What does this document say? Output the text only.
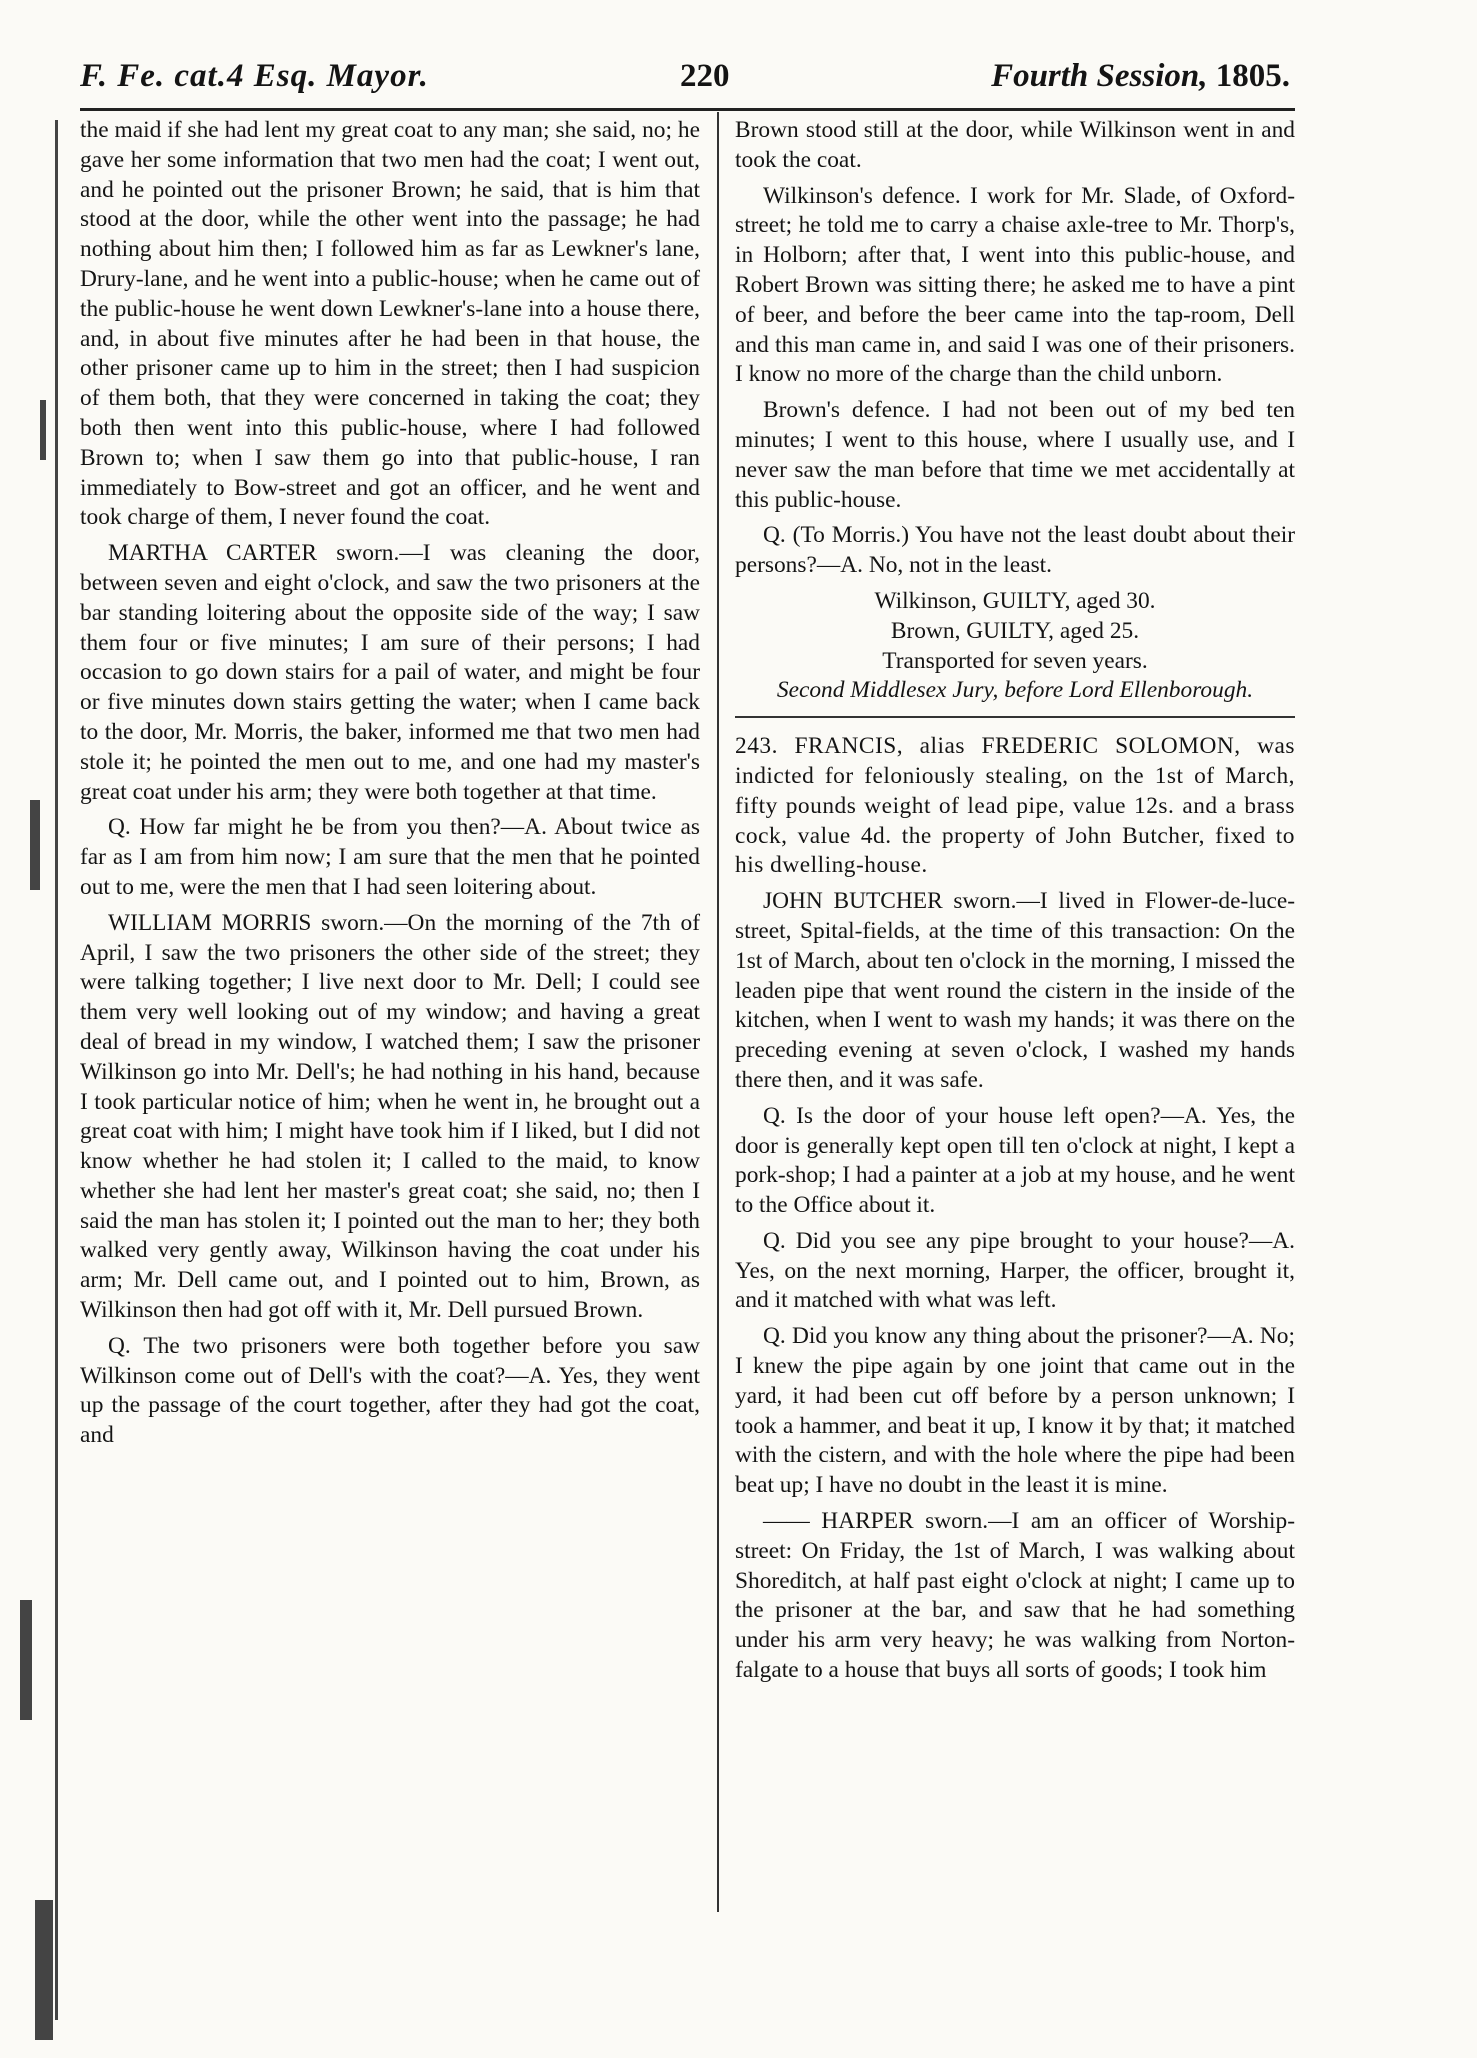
F. Fe. cat.4 Esq. Mayor.	220	Fourth Session, 1805.

the maid if she had lent my great coat to any man; she said, no; he gave her some information that two men had the coat; I went out, and he pointed out the prisoner Brown; he said, that is him that stood at the door, while the other went into the passage; he had nothing about him then; I followed him as far as Lewkner's lane, Drury-lane, and he went into a public-house; when he came out of the public-house he went down Lewkner's-lane into a house there, and, in about five minutes after he had been in that house, the other prisoner came up to him in the street; then I had suspicion of them both, that they were concerned in taking the coat; they both then went into this public-house, where I had followed Brown to; when I saw them go into that public-house, I ran immediately to Bow-street and got an officer, and he went and took charge of them, I never found the coat.

MARTHA CARTER sworn.—I was cleaning the door, between seven and eight o'clock, and saw the two prisoners at the bar standing loitering about the opposite side of the way; I saw them four or five minutes; I am sure of their persons; I had occasion to go down stairs for a pail of water, and might be four or five minutes down stairs getting the water; when I came back to the door, Mr. Morris, the baker, informed me that two men had stole it; he pointed the men out to me, and one had my master's great coat under his arm; they were both together at that time.

Q. How far might he be from you then?—A. About twice as far as I am from him now; I am sure that the men that he pointed out to me, were the men that I had seen loitering about.

WILLIAM MORRIS sworn.—On the morning of the 7th of April, I saw the two prisoners the other side of the street; they were talking together; I live next door to Mr. Dell; I could see them very well looking out of my window; and having a great deal of bread in my window, I watched them; I saw the prisoner Wilkinson go into Mr. Dell's; he had nothing in his hand, because I took particular notice of him; when he went in, he brought out a great coat with him; I might have took him if I liked, but I did not know whether he had stolen it; I called to the maid, to know whether she had lent her master's great coat; she said, no; then I said the man has stolen it; I pointed out the man to her; they both walked very gently away, Wilkinson having the coat under his arm; Mr. Dell came out, and I pointed out to him, Brown, as Wilkinson then had got off with it, Mr. Dell pursued Brown.

Q. The two prisoners were both together before you saw Wilkinson come out of Dell's with the coat?—A. Yes, they went up the passage of the court together, after they had got the coat, and

Brown stood still at the door, while Wilkinson went in and took the coat.

Wilkinson's defence. I work for Mr. Slade, of Oxford-street; he told me to carry a chaise axle-tree to Mr. Thorp's, in Holborn; after that, I went into this public-house, and Robert Brown was sitting there; he asked me to have a pint of beer, and before the beer came into the tap-room, Dell and this man came in, and said I was one of their prisoners. I know no more of the charge than the child unborn.

Brown's defence. I had not been out of my bed ten minutes; I went to this house, where I usually use, and I never saw the man before that time we met accidentally at this public-house.

Q. (To Morris.) You have not the least doubt about their persons?—A. No, not in the least.

Wilkinson, GUILTY, aged 30.
Brown, GUILTY, aged 25.
Transported for seven years.

Second Middlesex Jury, before Lord Ellenborough.

243. FRANCIS, alias FREDERIC SOLOMON, was indicted for feloniously stealing, on the 1st of March, fifty pounds weight of lead pipe, value 12s. and a brass cock, value 4d. the property of John Butcher, fixed to his dwelling-house.

JOHN BUTCHER sworn.—I lived in Flower-de-luce-street, Spital-fields, at the time of this transaction: On the 1st of March, about ten o'clock in the morning, I missed the leaden pipe that went round the cistern in the inside of the kitchen, when I went to wash my hands; it was there on the preceding evening at seven o'clock, I washed my hands there then, and it was safe.

Q. Is the door of your house left open?—A. Yes, the door is generally kept open till ten o'clock at night, I kept a pork-shop; I had a painter at a job at my house, and he went to the Office about it.

Q. Did you see any pipe brought to your house?—A. Yes, on the next morning, Harper, the officer, brought it, and it matched with what was left.

Q. Did you know any thing about the prisoner?—A. No; I knew the pipe again by one joint that came out in the yard, it had been cut off before by a person unknown; I took a hammer, and beat it up, I know it by that; it matched with the cistern, and with the hole where the pipe had been beat up; I have no doubt in the least it is mine.

—— HARPER sworn.—I am an officer of Worship-street: On Friday, the 1st of March, I was walking about Shoreditch, at half past eight o'clock at night; I came up to the prisoner at the bar, and saw that he had something under his arm very heavy; he was walking from Norton-falgate to a house that buys all sorts of goods; I took him
